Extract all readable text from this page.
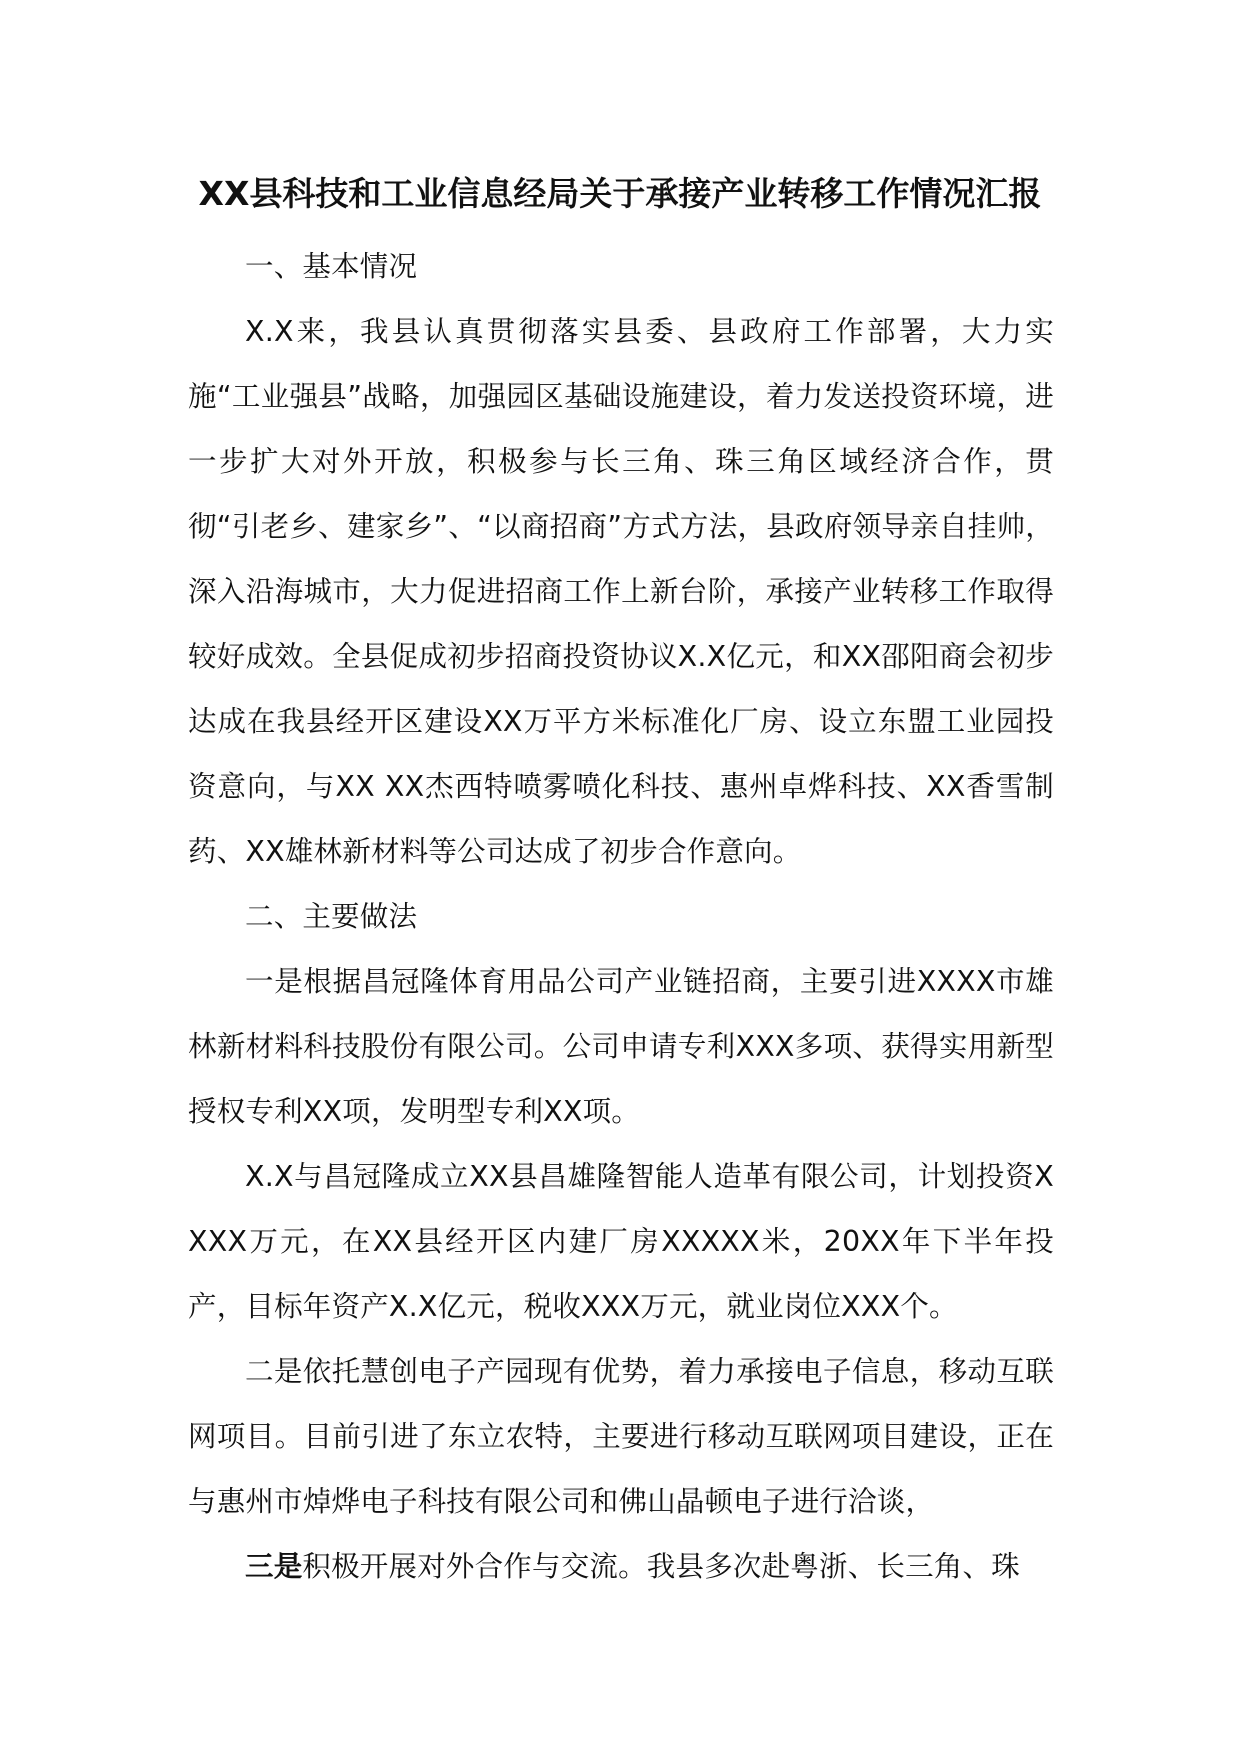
XX县科技和工业信息经局关于承接产业转移工作情况汇报

一、基本情况

X.X来，我县认真贯彻落实县委、县政府工作部署，大力实施“工业强县”战略，加强园区基础设施建设，着力发送投资环境，进一步扩大对外开放，积极参与长三角、珠三角区域经济合作，贯彻“引老乡、建家乡”、“以商招商”方式方法，县政府领导亲自挂帅，深入沿海城市，大力促进招商工作上新台阶，承接产业转移工作取得较好成效。全县促成初步招商投资协议X.X亿元，和XX邵阳商会初步达成在我县经开区建设XX万平方米标准化厂房、设立东盟工业园投资意向，与XX XX杰西特喷雾喷化科技、惠州卓烨科技、XX香雪制药、XX雄林新材料等公司达成了初步合作意向。

二、主要做法

一是根据昌冠隆体育用品公司产业链招商，主要引进XXXX市雄林新材料科技股份有限公司。公司申请专利XXX多项、获得实用新型授权专利XX项，发明型专利XX项。

X.X与昌冠隆成立XX县昌雄隆智能人造革有限公司，计划投资XXXX万元，在XX县经开区内建厂房XXXXX米，20XX年下半年投产，目标年资产X.X亿元，税收XXX万元，就业岗位XXX个。

二是依托慧创电子产园现有优势，着力承接电子信息，移动互联网项目。目前引进了东立农特，主要进行移动互联网项目建设，正在与惠州市焯烨电子科技有限公司和佛山晶顿电子进行洽谈，

三是积极开展对外合作与交流。我县多次赴粤浙、长三角、珠
